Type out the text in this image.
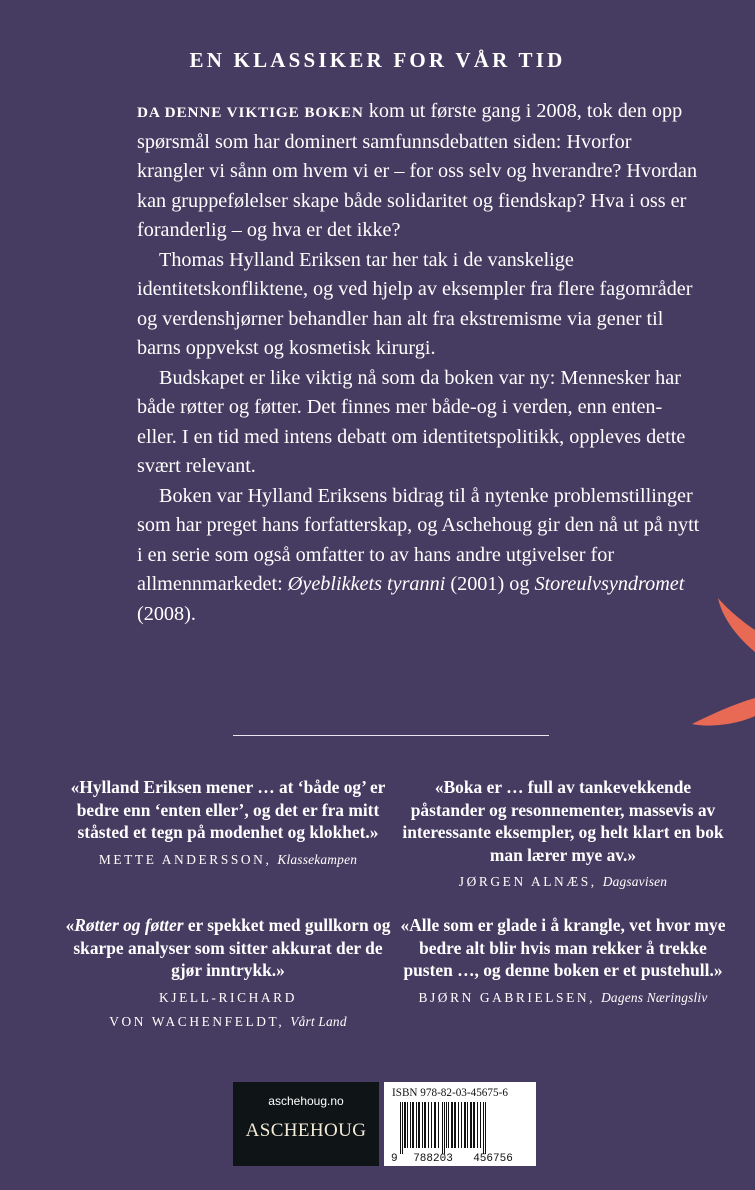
EN KLASSIKER FOR VÅR TID

DA DENNE VIKTIGE BOKEN kom ut første gang i 2008, tok den opp spørsmål som har dominert samfunnsdebatten siden: Hvorfor krangler vi sånn om hvem vi er – for oss selv og hverandre? Hvordan kan gruppefølelser skape både solidaritet og fiendskap? Hva i oss er foranderlig – og hva er det ikke?

Thomas Hylland Eriksen tar her tak i de vanskelige identitetskonfliktene, og ved hjelp av eksempler fra flere fagområder og verdenshjørner behandler han alt fra ekstremisme via gener til barns oppvekst og kosmetisk kirurgi.

Budskapet er like viktig nå som da boken var ny: Mennesker har både røtter og føtter. Det finnes mer både-og i verden, enn enten-eller. I en tid med intens debatt om identitetspolitikk, oppleves dette svært relevant.

Boken var Hylland Eriksens bidrag til å nytenke problemstillinger som har preget hans forfatterskap, og Aschehoug gir den nå ut på nytt i en serie som også omfatter to av hans andre utgivelser for allmennmarkedet: Øyeblikkets tyranni (2001) og Storeulvsyndromet (2008).

«Hylland Eriksen mener … at ‘både og’ er bedre enn ‘enten eller’, og det er fra mitt ståsted et tegn på modenhet og klokhet.»

METTE ANDERSSON, Klassekampen

«Boka er … full av tankevekkende påstander og resonnementer, massevis av interessante eksempler, og helt klart en bok man lærer mye av.»

JØRGEN ALNÆS, Dagsavisen

«Røtter og føtter er spekket med gullkorn og skarpe analyser som sitter akkurat der de gjør inntrykk.»

KJELL-RICHARD
VON WACHENFELDT, Vårt Land

«Alle som er glade i å krangle, vet hvor mye bedre alt blir hvis man rekker å trekke pusten …, og denne boken er et pustehull.»

BJØRN GABRIELSEN, Dagens Næringsliv

aschehoug.no
ASCHEHOUG
ISBN 978-82-03-45675-6
9 788203 456756
